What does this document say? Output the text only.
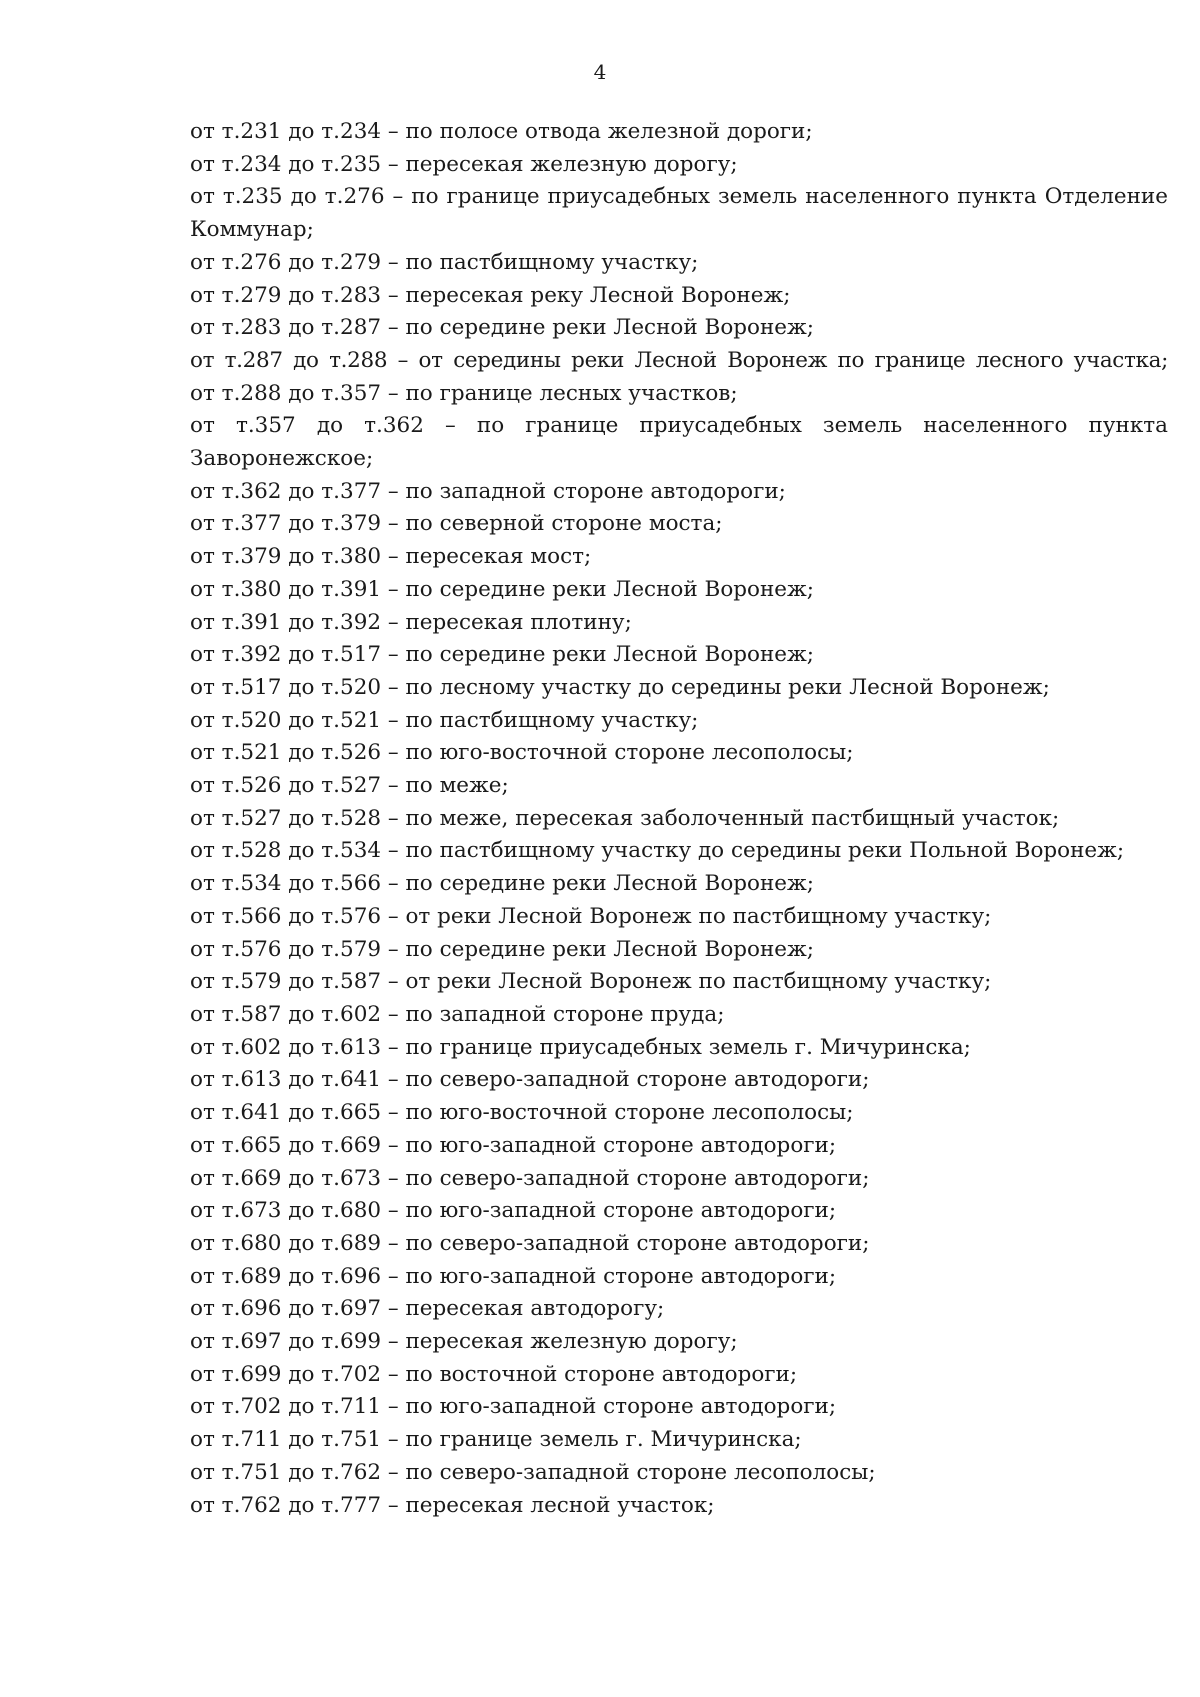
4

от т.231 до т.234 – по полосе отвода железной дороги;

от т.234 до т.235 – пересекая железную дорогу;

от т.235 до т.276 – по границе приусадебных земель населенного пункта Отделение Коммунар;

от т.276 до т.279 – по пастбищному участку;

от т.279 до т.283 – пересекая реку Лесной Воронеж;

от т.283 до т.287 – по середине реки Лесной Воронеж;

от т.287 до т.288 – от середины реки Лесной Воронеж по границе лесного участка;

от т.288 до т.357 – по границе лесных участков;

от т.357 до т.362 – по границе приусадебных земель населенного пункта Заворонежское;

от т.362 до т.377 – по западной стороне автодороги;

от т.377 до т.379 – по северной стороне моста;

от т.379 до т.380 – пересекая мост;

от т.380 до т.391 – по середине реки Лесной Воронеж;

от т.391 до т.392 – пересекая плотину;

от т.392 до т.517 – по середине реки Лесной Воронеж;

от т.517 до т.520 – по лесному участку до середины реки Лесной Воронеж;

от т.520 до т.521 – по пастбищному участку;

от т.521 до т.526 – по юго-восточной стороне лесополосы;

от т.526 до т.527 – по меже;

от т.527 до т.528 – по меже, пересекая заболоченный пастбищный участок;

от т.528 до т.534 – по пастбищному участку до середины реки Польной Воронеж;

от т.534 до т.566 – по середине реки Лесной Воронеж;

от т.566 до т.576 – от реки Лесной Воронеж по пастбищному участку;

от т.576 до т.579 – по середине реки Лесной Воронеж;

от т.579 до т.587 – от реки Лесной Воронеж по пастбищному участку;

от т.587 до т.602 – по западной стороне пруда;

от т.602 до т.613 – по границе приусадебных земель г. Мичуринска;

от т.613 до т.641 – по северо-западной стороне автодороги;

от т.641 до т.665 – по юго-восточной стороне лесополосы;

от т.665 до т.669 – по юго-западной стороне автодороги;

от т.669 до т.673 – по северо-западной стороне автодороги;

от т.673 до т.680 – по юго-западной стороне автодороги;

от т.680 до т.689 – по северо-западной стороне автодороги;

от т.689 до т.696 – по юго-западной стороне автодороги;

от т.696 до т.697 – пересекая автодорогу;

от т.697 до т.699 – пересекая железную дорогу;

от т.699 до т.702 – по восточной стороне автодороги;

от т.702 до т.711 – по юго-западной стороне автодороги;

от т.711 до т.751 – по границе земель г. Мичуринска;

от т.751 до т.762 – по северо-западной стороне лесополосы;

от т.762 до т.777 – пересекая лесной участок;
